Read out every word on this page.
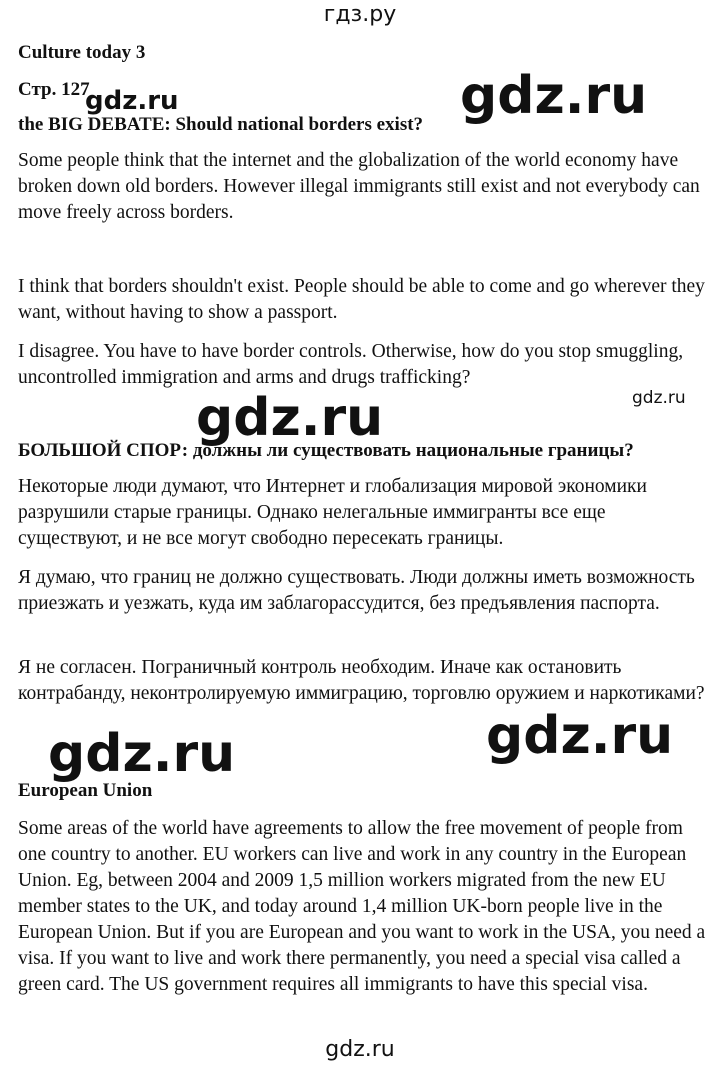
гдз.ру
Culture today 3
Стр. 127
gdz.ru	gdz.ru
the BIG DEBATE: Should national borders exist?

Some people think that the internet and the globalization of the world economy have broken down old borders. However illegal immigrants still exist and not everybody can move freely across borders.

I think that borders shouldn't exist. People should be able to come and go wherever they want, without having to show a passport.

I disagree. You have to have border controls. Otherwise, how do you stop smuggling, uncontrolled immigration and arms and drugs trafficking?

gdz.ru
gdz.ru
БОЛЬШОЙ СПОР: должны ли существовать национальные границы?

Некоторые люди думают, что Интернет и глобализация мировой экономики разрушили старые границы. Однако нелегальные иммигранты все еще существуют, и не все могут свободно пересекать границы.

Я думаю, что границ не должно существовать. Люди должны иметь возможность приезжать и уезжать, куда им заблагорассудится, без предъявления паспорта.

Я не согласен. Пограничный контроль необходим. Иначе как остановить контрабанду, неконтролируемую иммиграцию, торговлю оружием и наркотиками?

gdz.ru
gdz.ru
European Union

Some areas of the world have agreements to allow the free movement of people from one country to another. EU workers can live and work in any country in the European Union. Eg, between 2004 and 2009 1,5 million workers migrated from the new EU member states to the UK, and today around 1,4 million UK-born people live in the European Union. But if you are European and you want to work in the USA, you need a visa. If you want to live and work there permanently, you need a special visa called a green card. The US government requires all immigrants to have this special visa.

gdz.ru
